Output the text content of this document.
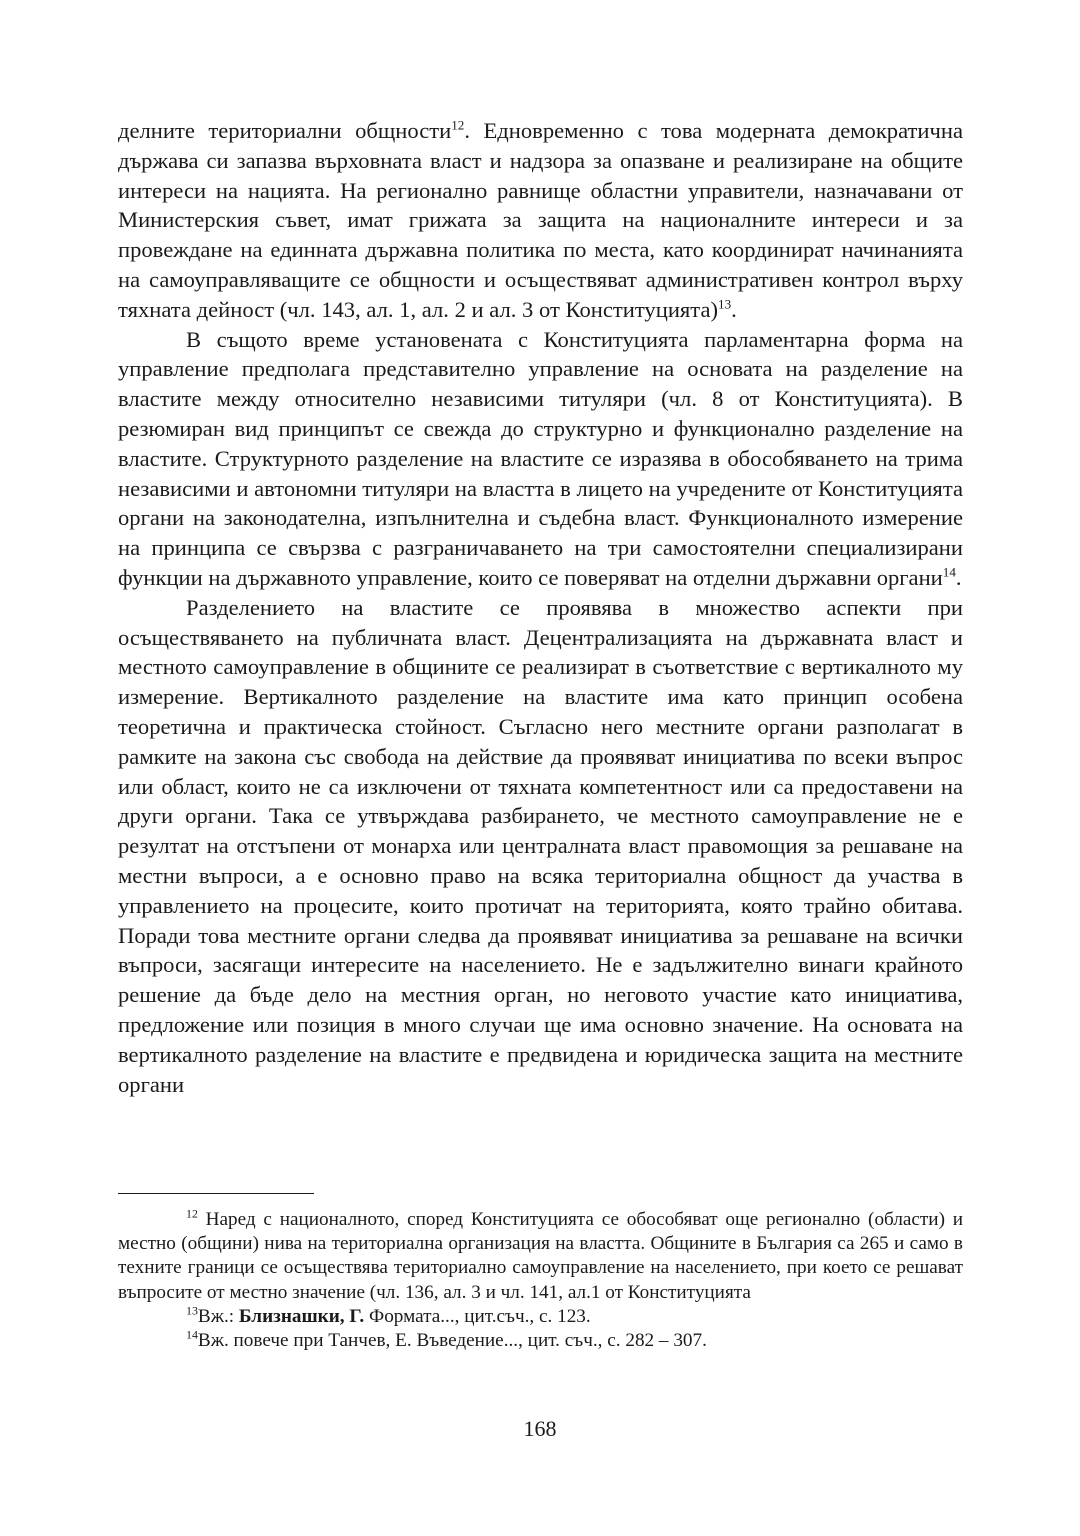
делните териториални общности$^{12}$. Едновременно с това модерната демократична държава си запазва върховната власт и надзора за опазване и реализиране на общите интереси на нацията. На регионално равнище областни управители, назначавани от Министерския съвет, имат грижата за защита на националните интереси и за провеждане на единната държавна политика по места, като координират начинанията на самоуправляващите се общности и осъществяват административен контрол върху тяхната дейност (чл. 143, ал. 1, ал. 2 и ал. 3 от Конституцията)$^{13}$.

В същото време установената с Конституцията парламентарна форма на управление предполага представително управление на основата на разделение на властите между относително независими титуляри (чл. 8 от Конституцията). В резюмиран вид принципът се свежда до структурно и функционално разделение на властите. Структурното разделение на властите се изразява в обособяването на трима независими и автономни титуляри на властта в лицето на учредените от Конституцията органи на законодателна, изпълнителна и съдебна власт. Функционалното измерение на принципа се свързва с разграничаването на три самостоятелни специализирани функции на държавното управление, които се поверяват на отделни държавни органи$^{14}$.

Разделението на властите се проявява в множество аспекти при осъществяването на публичната власт. Децентрализацията на държавната власт и местното самоуправление в общините се реализират в съответствие с вертикалното му измерение. Вертикалното разделение на властите има като принцип особена теоретична и практическа стойност. Съгласно него местните органи разполагат в рамките на закона със свобода на действие да проявяват инициатива по всеки въпрос или област, които не са изключени от тяхната компетентност или са предоставени на други органи. Така се утвърждава разбирането, че местното самоуправление не е резултат на отстъпени от монарха или централната власт правомощия за решаване на местни въпроси, а е основно право на всяка териториална общност да участва в управлението на процесите, които протичат на територията, която трайно обитава. Поради това местните органи следва да проявяват инициатива за решаване на всички въпроси, засягащи интересите на населението. Не е задължително винаги крайното решение да бъде дело на местния орган, но неговото участие като инициатива, предложение или позиция в много случаи ще има основно значение. На основата на вертикалното разделение на властите е предвидена и юридическа защита на местните органи

$^{12}$ Наред с националното, според Конституцията се обособяват още регионално (области) и местно (общини) нива на териториална организация на властта. Общините в България са 265 и само в техните граници се осъществява териториално самоуправление на населението, при което се решават въпросите от местно значение (чл. 136, ал. 3 и чл. 141, ал.1 от Конституцията

$^{13}$Вж.: Близнашки, Г. Формата..., цит.съч., с. 123.

$^{14}$Вж. повече при Танчев, Е. Въведение..., цит. съч., с. 282 – 307.

168
